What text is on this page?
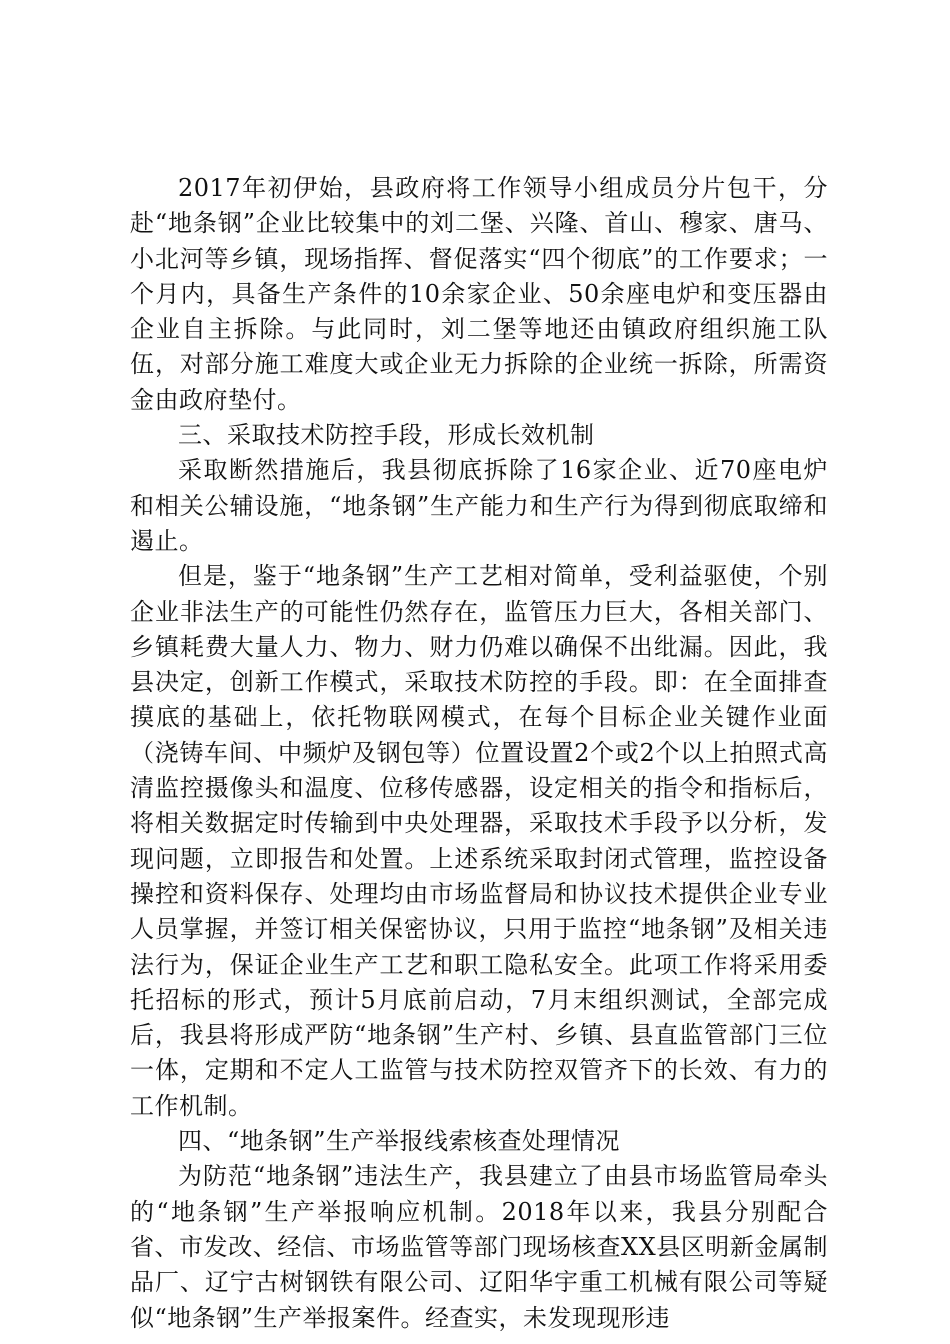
2017年初伊始，县政府将工作领导小组成员分片包干，分赴“地条钢”企业比较集中的刘二堡、兴隆、首山、穆家、唐马、小北河等乡镇，现场指挥、督促落实“四个彻底”的工作要求；一个月内，具备生产条件的10余家企业、50余座电炉和变压器由企业自主拆除。与此同时，刘二堡等地还由镇政府组织施工队伍，对部分施工难度大或企业无力拆除的企业统一拆除，所需资金由政府垫付。

三、采取技术防控手段，形成长效机制

采取断然措施后，我县彻底拆除了16家企业、近70座电炉和相关公辅设施，“地条钢”生产能力和生产行为得到彻底取缔和遏止。

但是，鉴于“地条钢”生产工艺相对简单，受利益驱使，个别企业非法生产的可能性仍然存在，监管压力巨大，各相关部门、乡镇耗费大量人力、物力、财力仍难以确保不出纰漏。因此，我县决定，创新工作模式，采取技术防控的手段。即：在全面排查摸底的基础上，依托物联网模式，在每个目标企业关键作业面（浇铸车间、中频炉及钢包等）位置设置2个或2个以上拍照式高清监控摄像头和温度、位移传感器，设定相关的指令和指标后，将相关数据定时传输到中央处理器，采取技术手段予以分析，发现问题，立即报告和处置。上述系统采取封闭式管理，监控设备操控和资料保存、处理均由市场监督局和协议技术提供企业专业人员掌握，并签订相关保密协议，只用于监控“地条钢”及相关违法行为，保证企业生产工艺和职工隐私安全。此项工作将采用委托招标的形式，预计5月底前启动，7月末组织测试，全部完成后，我县将形成严防“地条钢”生产村、乡镇、县直监管部门三位一体，定期和不定人工监管与技术防控双管齐下的长效、有力的工作机制。

四、“地条钢”生产举报线索核查处理情况

为防范“地条钢”违法生产，我县建立了由县市场监管局牵头的“地条钢”生产举报响应机制。2018年以来，我县分别配合省、市发改、经信、市场监管等部门现场核查XX县区明新金属制品厂、辽宁古树钢铁有限公司、辽阳华宇重工机械有限公司等疑似“地条钢”生产举报案件。经查实，未发现现形违
